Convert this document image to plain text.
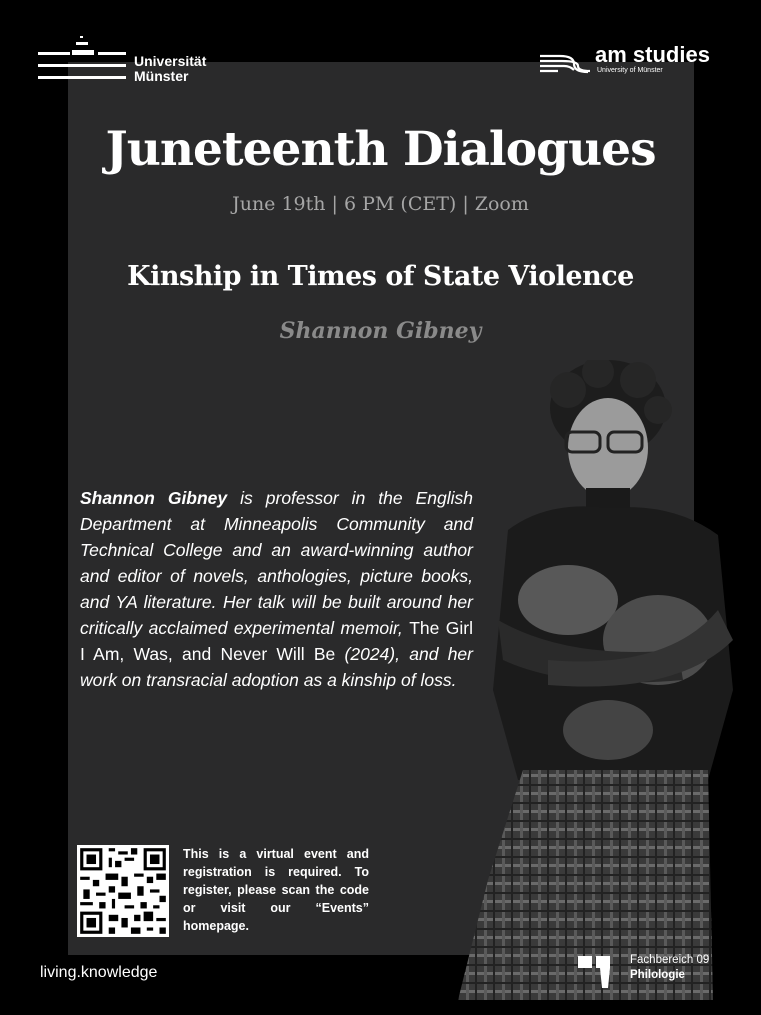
Universität
Münster
am studies
University of Münster
Juneteenth Dialogues
June 19th | 6 PM (CET) | Zoom
Kinship in Times of State Violence
Shannon Gibney
Shannon Gibney is professor in the English Department at Minneapolis Community and Technical College and an award-winning author and editor of novels, anthologies, picture books, and YA literature. Her talk will be built around her critically acclaimed experimental memoir, The Girl I Am, Was, and Never Will Be (2024), and her work on transracial adoption as a kinship of loss.
This is a virtual event and registration is required. To register, please scan the code or visit our “Events” homepage.
living.knowledge
Fachbereich 09
Philologie
